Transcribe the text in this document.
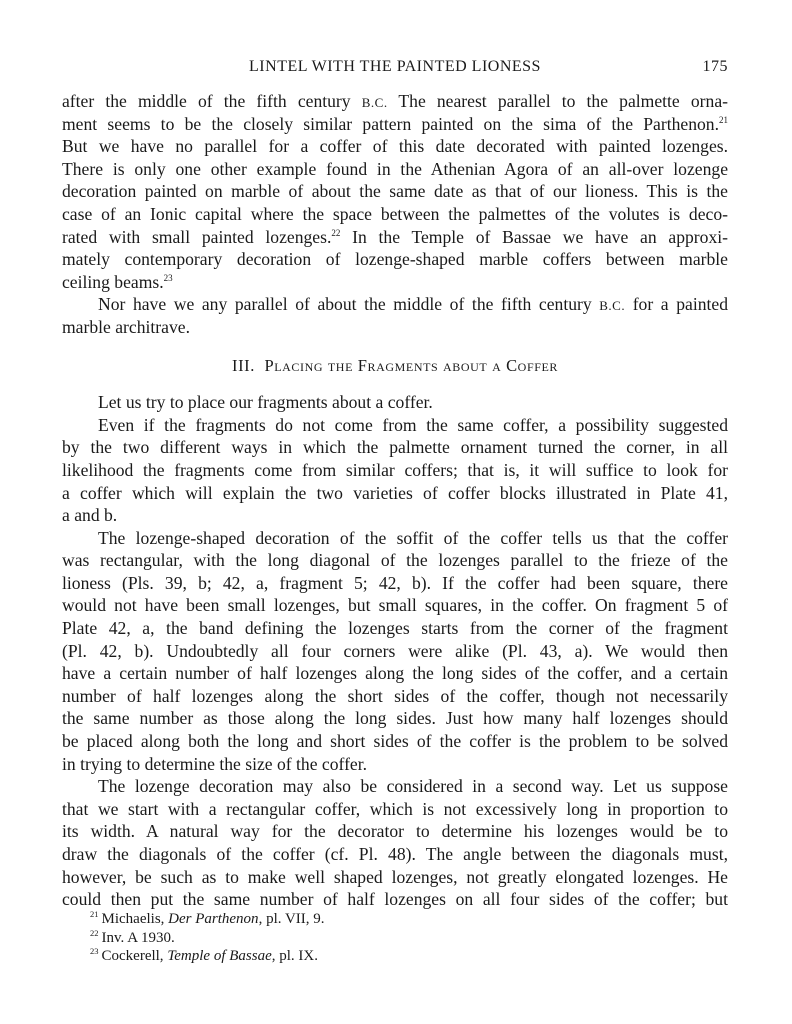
LINTEL WITH THE PAINTED LIONESS	175
after the middle of the fifth century B.C. The nearest parallel to the palmette orna-
ment seems to be the closely similar pattern painted on the sima of the Parthenon.$^{21}$
But we have no parallel for a coffer of this date decorated with painted lozenges.
There is only one other example found in the Athenian Agora of an all-over lozenge
decoration painted on marble of about the same date as that of our lioness. This is the
case of an Ionic capital where the space between the palmettes of the volutes is deco-
rated with small painted lozenges.$^{22}$ In the Temple of Bassae we have an approxi-
mately contemporary decoration of lozenge-shaped marble coffers between marble
ceiling beams.$^{23}$
Nor have we any parallel of about the middle of the fifth century B.C. for a painted
marble architrave.
III. Placing the Fragments about a Coffer
Let us try to place our fragments about a coffer.
Even if the fragments do not come from the same coffer, a possibility suggested
by the two different ways in which the palmette ornament turned the corner, in all
likelihood the fragments come from similar coffers; that is, it will suffice to look for
a coffer which will explain the two varieties of coffer blocks illustrated in Plate 41,
a and b.
The lozenge-shaped decoration of the soffit of the coffer tells us that the coffer
was rectangular, with the long diagonal of the lozenges parallel to the frieze of the
lioness (Pls. 39, b; 42, a, fragment 5; 42, b). If the coffer had been square, there
would not have been small lozenges, but small squares, in the coffer. On fragment 5 of
Plate 42, a, the band defining the lozenges starts from the corner of the fragment
(Pl. 42, b). Undoubtedly all four corners were alike (Pl. 43, a). We would then
have a certain number of half lozenges along the long sides of the coffer, and a certain
number of half lozenges along the short sides of the coffer, though not necessarily
the same number as those along the long sides. Just how many half lozenges should
be placed along both the long and short sides of the coffer is the problem to be solved
in trying to determine the size of the coffer.
The lozenge decoration may also be considered in a second way. Let us suppose
that we start with a rectangular coffer, which is not excessively long in proportion to
its width. A natural way for the decorator to determine his lozenges would be to
draw the diagonals of the coffer (cf. Pl. 48). The angle between the diagonals must,
however, be such as to make well shaped lozenges, not greatly elongated lozenges. He
could then put the same number of half lozenges on all four sides of the coffer; but
$^{21}$ Michaelis, Der Parthenon, pl. VII, 9.
$^{22}$ Inv. A 1930.
$^{23}$ Cockerell, Temple of Bassae, pl. IX.
